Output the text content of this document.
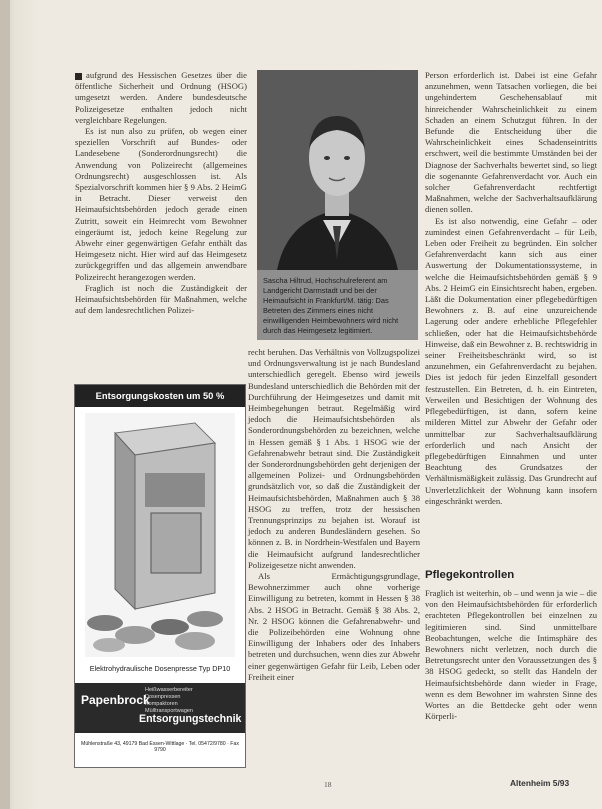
aufgrund des Hessischen Gesetzes über die öffentliche Sicherheit und Ordnung (HSOG) umgesetzt werden. Andere bundesdeutsche Polizeigesetze enthalten jedoch nicht vergleichbare Regelungen.

Es ist nun also zu prüfen, ob wegen einer speziellen Vorschrift auf Bundes- oder Landesebene (Sonderordnungsrecht) die Anwendung von Polizeirecht (allgemeines Ordnungsrecht) ausgeschlossen ist. Als Spezialvorschrift kommen hier § 9 Abs. 2 HeimG in Betracht. Dieser verweist den Heimaufsichtsbehörden jedoch gerade einen Zutritt, soweit ein Heimrecht vom Bewohner eingeräumt ist, jedoch keine Regelung zur Abwehr einer gegenwärtigen Gefahr enthält das Heimgesetz nicht. Hier wird auf das Heimgesetz zurückgegriffen und das allgemein anwendbare Polizeirecht herangezogen werden.

Fraglich ist noch die Zuständigkeit der Heimaufsichtsbehörden für Maßnahmen, welche auf dem landesrechtlichen Polizei-

Sascha Hiltrud, Hochschulreferent am Landgericht Darmstadt und bei der Heimaufsicht in Frankfurt/M. tätig: Das Betreten des Zimmers eines nicht einwilligenden Heimbewohners wird nicht durch das Heimgesetz legitimiert.
Entsorgungskosten um 50 %
Elektrohydraulische Dosenpresse Typ DP10
Papenbrock
Heißwasserbereiter
Dosenpressen
Kompaktoren
Mülltransportwagen
Entsorgungstechnik
Mühlenstraße 43, 49179 Bad Essen-Wittlage · Tel. 05472/9780 · Fax 9790

recht beruhen. Das Verhältnis von Vollzugspolizei und Ordnungsverwaltung ist je nach Bundesland unterschiedlich geregelt. Ebenso wird jeweils Bundesland unterschiedlich die Behörden mit der Durchführung der Heimgesetzes und damit mit Heimbegehungen betraut. Regelmäßig wird jedoch die Heimaufsichtsbehörden als Sonderordnungsbehörden zu bezeichnen, welche in Hessen gemäß § 1 Abs. 1 HSOG wie der Gefahrenabwehr betraut sind. Die Zuständigkeit der Sonderordnungsbehörden geht derjenigen der allgemeinen Polizei- und Ordnungsbehörden grundsätzlich vor, so daß die Zuständigkeit der Heimaufsichtsbehörden, Maßnahmen auch § 38 HSOG zu treffen, trotz der hessischen Trennungsprinzips zu bejahen ist. Worauf ist jedoch zu anderen Bundesländern gesehen. So können z. B. in Nordrhein-Westfalen und Bayern die Heimaufsicht aufgrund landesrechtlicher Polizeigesetze nicht anwenden.

Als Ermächtigungsgrundlage, Bewohnerzimmer auch ohne vorherige Einwilligung zu betreten, kommt in Hessen § 38 Abs. 2 HSOG in Betracht. Gemäß § 38 Abs. 2, Nr. 2 HSOG können die Gefahrenabwehr- und die Polizeibehörden eine Wohnung ohne Einwilligung der Inhabers oder des Inhabers betreten und durchsuchen, wenn dies zur Abwehr einer gegenwärtigen Gefahr für Leib, Leben oder Freiheit einer

Person erforderlich ist. Dabei ist eine Gefahr anzunehmen, wenn Tatsachen vorliegen, die bei ungehindertem Geschehensablauf mit hinreichender Wahrscheinlichkeit zu einem Schaden an einem Schutzgut führen. In der Befunde die Entscheidung über die Wahrscheinlichkeit eines Schadenseintritts erschwert, weil die bestimmte Umständen bei der Diagnose der Sachverhalts bewertet sind, so liegt die sogenannte Gefahrenverdacht vor. Auch ein solcher Gefahrenverdacht rechtfertigt Maßnahmen, welche der Sachverhaltsaufklärung dienen sollen.

Es ist also notwendig, eine Gefahr – oder zumindest einen Gefahrenverdacht – für Leib, Leben oder Freiheit zu begründen. Ein solcher Gefahrenverdacht kann sich aus einer Auswertung der Dokumentationssysteme, in welche die Heimaufsichtsbehörden gemäß § 9 Abs. 2 HeimG ein Einsichtsrecht haben, ergeben. Läßt die Dokumentation einer pflegebedürftigen Bewohners z. B. auf eine unzureichende Lagerung oder andere erhebliche Pflegefehler schließen, oder hat die Heimaufsichtsbehörde Hinweise, daß ein Bewohner z. B. rechtswidrig in seiner Freiheitsbeschränkt wird, so ist anzunehmen, ein Gefahrenverdacht zu bejahen. Dies ist jedoch für jeden Einzelfall gesondert festzustellen. Ein Betreten, d. h. ein Eintreten, Verweilen und Besichtigen der Wohnung des Pflegebedürftigen, ist dann, sofern keine milderen Mittel zur Abwehr der Gefahr oder unmittelbar zur Sachverhaltsaufklärung erforderlich und nach Ansicht der pflegebedürftigen Einnahmen und unter Beachtung des Grundsatzes der Verhältnismäßigkeit zulässig. Das Grundrecht auf Unverletzlichkeit der Wohnung kann insofern eingeschränkt werden.

Pflegekontrollen

Fraglich ist weiterhin, ob – und wenn ja wie – die von den Heimaufsichtsbehörden für erforderlich erachteten Pflegekontrollen bei einzelnen zu legitimieren sind. Sind unmittelbare Beobachtungen, welche die Intimsphäre des Bewohners nicht verletzen, noch durch die Betretungsrecht unter den Voraussetzungen des § 38 HSOG gedeckt, so stellt das Handeln der Heimaufsichtsbehörde dann wieder in Frage, wenn es dem Bewohner im wahrsten Sinne des Wortes an die Bettdecke geht oder wenn Körperli-

18	Altenheim 5/93
